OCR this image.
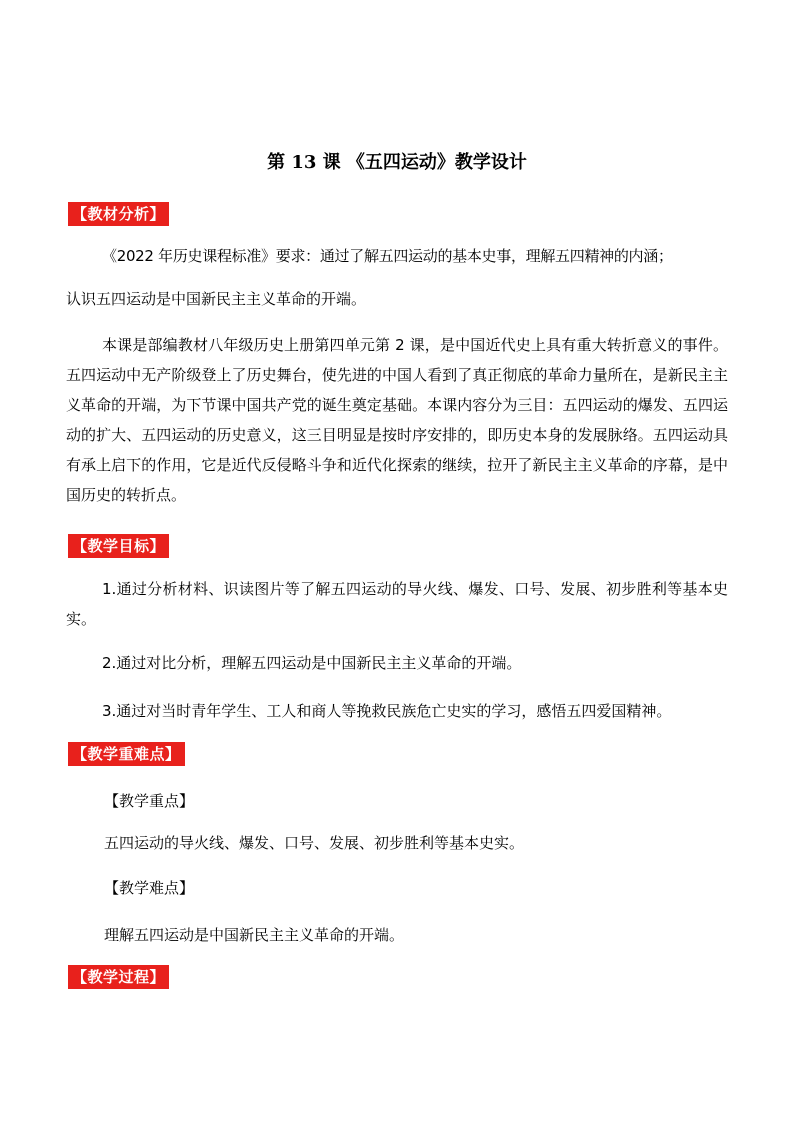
第 13 课 《五四运动》教学设计
【教材分析】
《2022 年历史课程标准》要求：通过了解五四运动的基本史事，理解五四精神的内涵；
认识五四运动是中国新民主主义革命的开端。
本课是部编教材八年级历史上册第四单元第 2 课，是中国近代史上具有重大转折意义的事件。五四运动中无产阶级登上了历史舞台，使先进的中国人看到了真正彻底的革命力量所在，是新民主主义革命的开端，为下节课中国共产党的诞生奠定基础。本课内容分为三目：五四运动的爆发、五四运动的扩大、五四运动的历史意义，这三目明显是按时序安排的，即历史本身的发展脉络。五四运动具有承上启下的作用，它是近代反侵略斗争和近代化探索的继续，拉开了新民主主义革命的序幕，是中国历史的转折点。
【教学目标】
1.通过分析材料、识读图片等了解五四运动的导火线、爆发、口号、发展、初步胜利等基本史实。
2.通过对比分析，理解五四运动是中国新民主主义革命的开端。
3.通过对当时青年学生、工人和商人等挽救民族危亡史实的学习，感悟五四爱国精神。
【教学重难点】
【教学重点】
五四运动的导火线、爆发、口号、发展、初步胜利等基本史实。
【教学难点】
理解五四运动是中国新民主主义革命的开端。
【教学过程】
